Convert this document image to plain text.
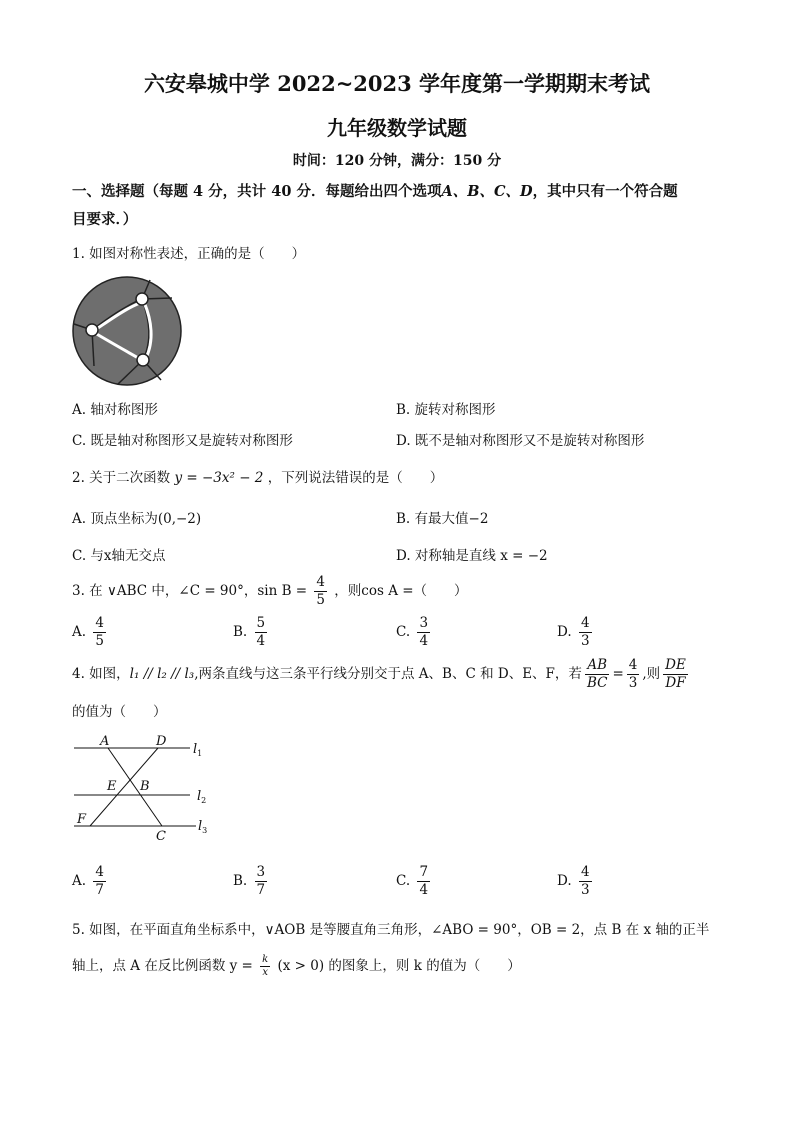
六安皋城中学 2022~2023 学年度第一学期期末考试
九年级数学试题
时间：120 分钟，满分：150 分
一、选择题（每题 4 分，共计 40 分．每题给出四个选项A、B、C、D，其中只有一个符合题
目要求．）
1. 如图对称性表述，正确的是（　　）
A. 轴对称图形	B. 旋转对称图形
C. 既是轴对称图形又是旋转对称图形	D. 既不是轴对称图形又不是旋转对称图形
2. 关于二次函数 y = −3x² − 2 ，下列说法错误的是（　　）
A. 顶点坐标为(0,−2)	B. 有最大值−2
C. 与x轴无交点	D. 对称轴是直线 x = −2
3. 在 ∨ABC 中，∠C = 90°，$\sin B = \frac{4}{5}$ ，则cos A =（　　）
A. $\frac{4}{5}$	B. $\frac{5}{4}$	C. $\frac{3}{4}$	D. $\frac{4}{3}$
4. 如图，l₁ // l₂ // l₃,两条直线与这三条平行线分别交于点 A、B、C 和 D、E、F，若 $\frac{AB}{BC} = \frac{4}{3}$ ,则 $\frac{DE}{DF}$
的值为（　　）
A	D
E B
F
C
$l_1$
$l_2$
$l_3$
A. $\frac{4}{7}$	B. $\frac{3}{7}$	C. $\frac{7}{4}$	D. $\frac{4}{3}$
5. 如图，在平面直角坐标系中，∨AOB 是等腰直角三角形，∠ABO = 90°，OB = 2，点 B 在 x 轴的正半
轴上，点 A 在反比例函数 $y = \frac{k}{x} (x > 0)$ 的图象上，则 k 的值为（　　）
